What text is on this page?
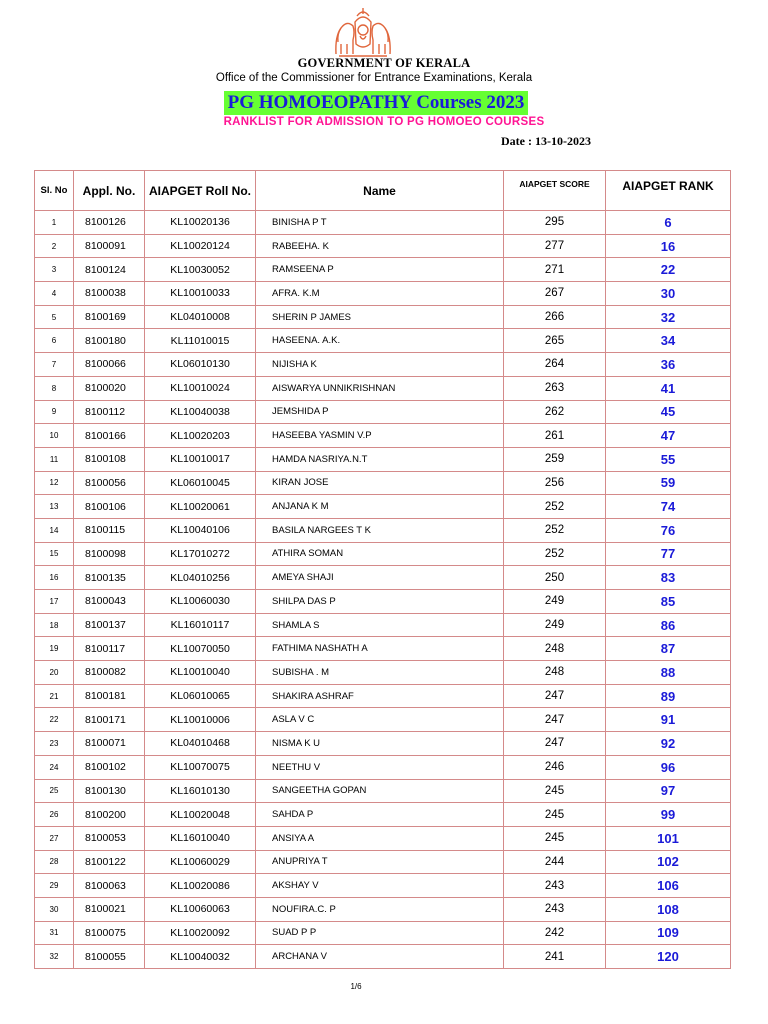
GOVERNMENT OF KERALA
Office of the Commissioner for Entrance Examinations, Kerala
PG HOMOEOPATHY Courses 2023
RANKLIST FOR ADMISSION TO PG HOMOEO COURSES
Date : 13-10-2023
Sl. No	Appl. No.	AIAPGET Roll No.	Name	AIAPGET SCORE	AIAPGET RANK
1	8100126	KL10020136	BINISHA P T	295	6
2	8100091	KL10020124	RABEEHA. K	277	16
3	8100124	KL10030052	RAMSEENA P	271	22
4	8100038	KL10010033	AFRA. K.M	267	30
5	8100169	KL04010008	SHERIN P JAMES	266	32
6	8100180	KL11010015	HASEENA. A.K.	265	34
7	8100066	KL06010130	NIJISHA K	264	36
8	8100020	KL10010024	AISWARYA UNNIKRISHNAN	263	41
9	8100112	KL10040038	JEMSHIDA P	262	45
10	8100166	KL10020203	HASEEBA YASMIN V.P	261	47
11	8100108	KL10010017	HAMDA NASRIYA.N.T	259	55
12	8100056	KL06010045	KIRAN JOSE	256	59
13	8100106	KL10020061	ANJANA K M	252	74
14	8100115	KL10040106	BASILA NARGEES T K	252	76
15	8100098	KL17010272	ATHIRA SOMAN	252	77
16	8100135	KL04010256	AMEYA SHAJI	250	83
17	8100043	KL10060030	SHILPA DAS P	249	85
18	8100137	KL16010117	SHAMLA S	249	86
19	8100117	KL10070050	FATHIMA NASHATH A	248	87
20	8100082	KL10010040	SUBISHA . M	248	88
21	8100181	KL06010065	SHAKIRA ASHRAF	247	89
22	8100171	KL10010006	ASLA V C	247	91
23	8100071	KL04010468	NISMA K U	247	92
24	8100102	KL10070075	NEETHU V	246	96
25	8100130	KL16010130	SANGEETHA GOPAN	245	97
26	8100200	KL10020048	SAHDA P	245	99
27	8100053	KL16010040	ANSIYA A	245	101
28	8100122	KL10060029	ANUPRIYA T	244	102
29	8100063	KL10020086	AKSHAY V	243	106
30	8100021	KL10060063	NOUFIRA.C. P	243	108
31	8100075	KL10020092	SUAD P P	242	109
32	8100055	KL10040032	ARCHANA V	241	120
1/6
